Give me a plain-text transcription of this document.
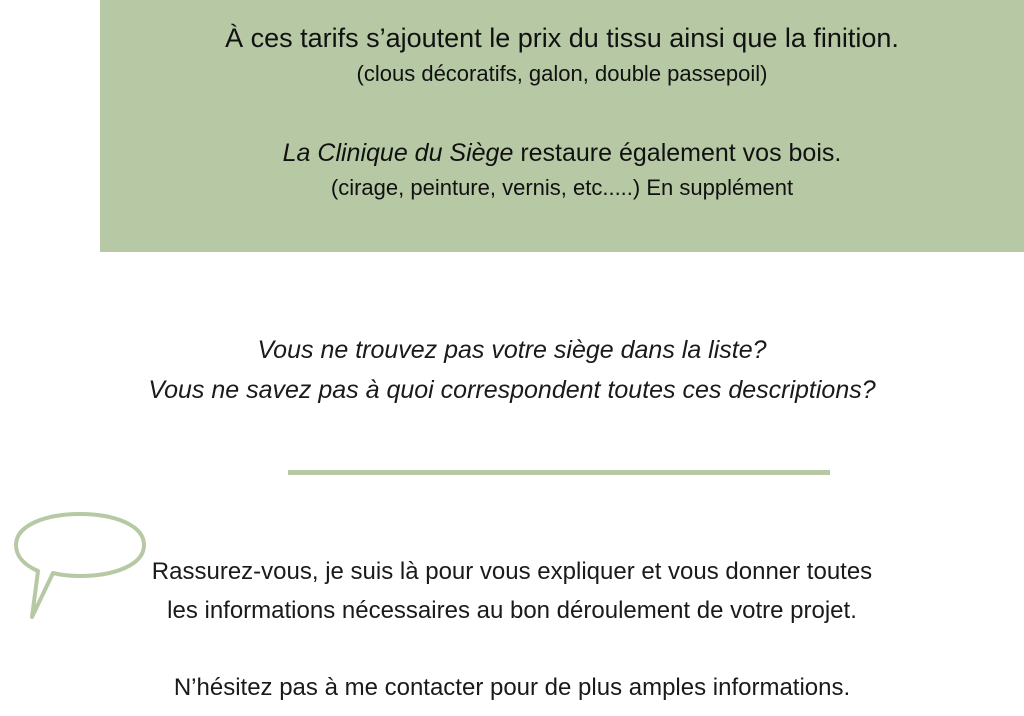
À ces tarifs s’ajoutent le prix du tissu ainsi que la finition.
(clous décoratifs, galon, double passepoil)
La Clinique du Siège restaure également vos bois.
(cirage, peinture, vernis, etc.....) En supplément
Vous ne trouvez pas votre siège dans la liste?
Vous ne savez pas à quoi correspondent toutes ces descriptions?

Rassurez-vous, je suis là pour vous expliquer et vous donner toutes

les informations nécessaires au bon déroulement de votre projet.

N’hésitez pas à me contacter pour de plus amples informations.
